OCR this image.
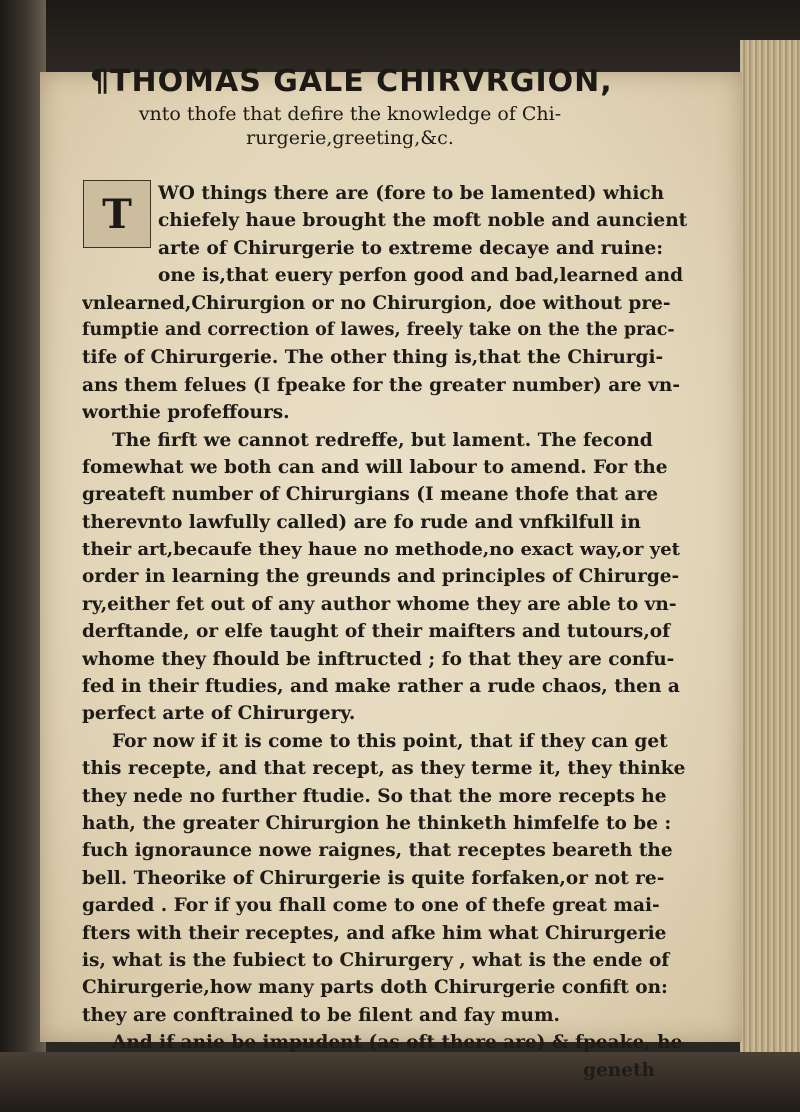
¶THOMAS GALE CHIRVRGION,
vnto thofe that defire the knowledge of Chi-
rurgerie,greeting,&c.
T	WO things there are (fore to be lamented) which
chiefely haue brought the moft noble and auncient
arte of Chirurgerie to extreme decaye and ruine:
one is,that euery perfon good and bad,learned and
vnlearned,Chirurgion or no Chirurgion, doe without pre-
fumptie and correction of lawes, freely take on the the prac-
tife of Chirurgerie. The other thing is,that the Chirurgi-
ans them felues (I fpeake for the greater number) are vn-
worthie profeffours.
The firft we cannot redreffe, but lament. The fecond
fomewhat we both can and will labour to amend. For the
greateft number of Chirurgians (I meane thofe that are
therevnto lawfully called) are fo rude and vnfkilfull in
their art,becaufe they haue no methode,no exact way,or yet
order in learning the greunds and principles of Chirurge-
ry,either fet out of any author whome they are able to vn-
derftande, or elfe taught of their maifters and tutours,of
whome they fhould be inftructed ; fo that they are confu-
fed in their ftudies, and make rather a rude chaos, then a
perfect arte of Chirurgery.
For now if it is come to this point, that if they can get
this recepte, and that recept, as they terme it, they thinke
they nede no further ftudie. So that the more recepts he
hath, the greater Chirurgion he thinketh himfelfe to be :
fuch ignoraunce nowe raignes, that receptes beareth the
bell. Theorike of Chirurgerie is quite forfaken,or not re-
garded . For if you fhall come to one of thefe great mai-
fters with their receptes, and afke him what Chirurgerie
is, what is the fubiect to Chirurgery , what is the ende of
Chirurgerie,how many parts doth Chirurgerie confift on:
they are conftrained to be filent and fay mum.
And if anie be impudent (as oft there are) & fpeake, he
geneth
